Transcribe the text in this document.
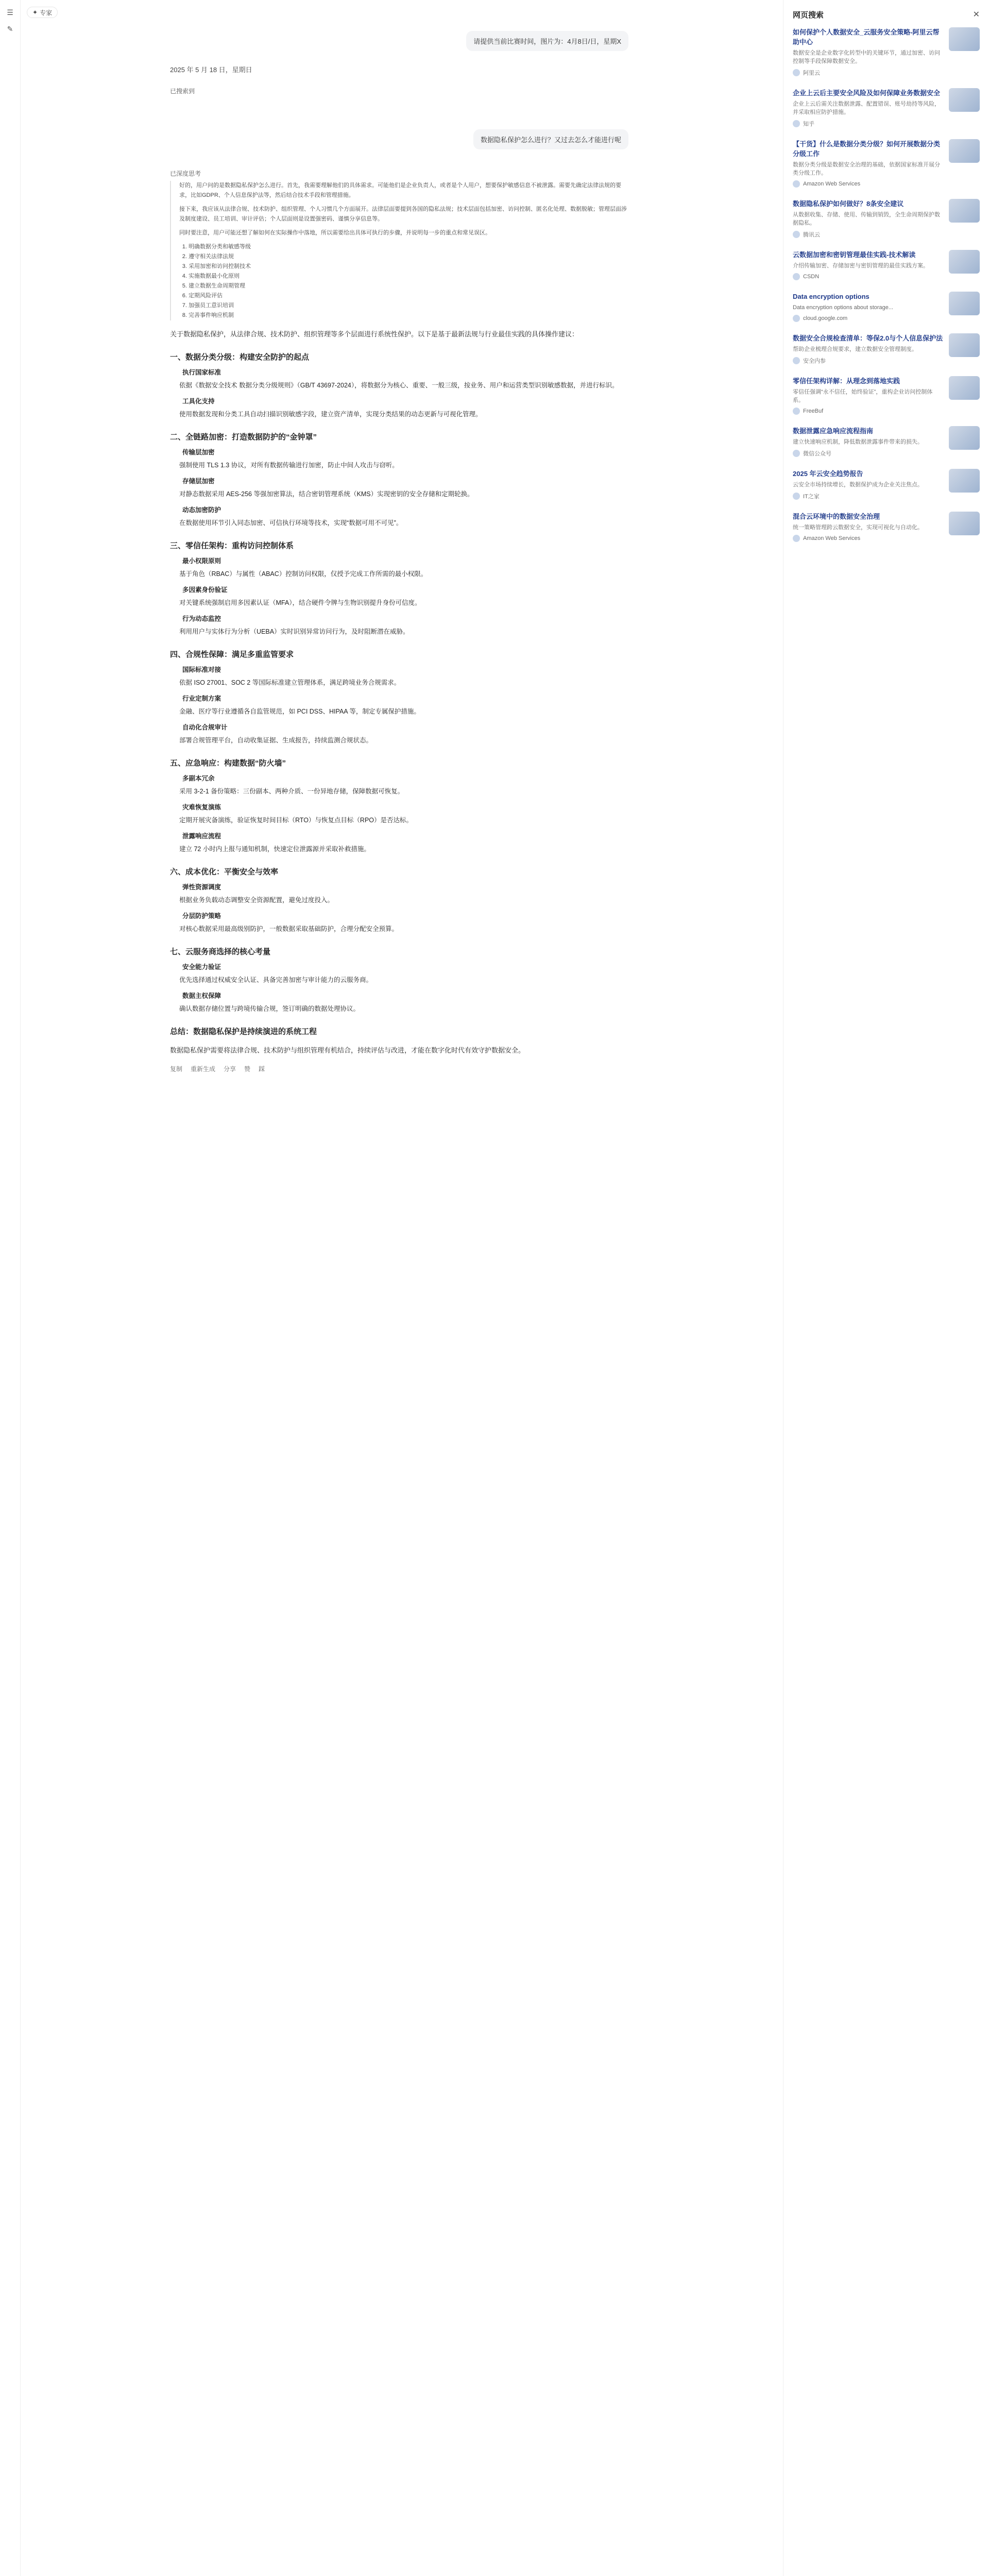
☰
✎
✦ 专家
请提供当前比赛时间，图片为：4月8日/日，星期X
2025 年 5 月 18 日，星期日
已搜索到
数据隐私保护怎么进行？又过去怎么才能进行呢
已深度思考

好的，用户问的是数据隐私保护怎么进行。首先，我需要理解他们的具体需求。可能他们是企业负责人，或者是个人用户，想要保护敏感信息不被泄露。需要先确定法律法规的要求，比如GDPR、个人信息保护法等，然后结合技术手段和管理措施。

接下来，我应该从法律合规、技术防护、组织管理、个人习惯几个方面展开。法律层面要提到各国的隐私法规；技术层面包括加密、访问控制、匿名化处理、数据脱敏；管理层面涉及制度建设、员工培训、审计评估；个人层面则是设置强密码、谨慎分享信息等。

同时要注意，用户可能还想了解如何在实际操作中落地，所以需要给出具体可执行的步骤，并说明每一步的重点和常见误区。

1. 明确数据分类和敏感等级
2. 遵守相关法律法规
3. 采用加密和访问控制技术
4. 实施数据最小化原则
5. 建立数据生命周期管理
6. 定期风险评估
7. 加强员工意识培训
8. 完善事件响应机制
关于数据隐私保护，从法律合规、技术防护、组织管理等多个层面进行系统性保护。以下是基于最新法规与行业最佳实践的具体操作建议：
一、数据分类分级：构建安全防护的起点
执行国家标准
依据《数据安全技术 数据分类分级规则》（GB/T 43697-2024），将数据分为核心、重要、一般三级，按业务、用户和运营类型识别敏感数据，并进行标识。
工具化支持
使用数据发现和分类工具自动扫描识别敏感字段，建立资产清单，实现分类结果的动态更新与可视化管理。
二、全链路加密：打造数据防护的“金钟罩”
传输层加密
强制使用 TLS 1.3 协议，对所有数据传输进行加密，防止中间人攻击与窃听。
存储层加密
对静态数据采用 AES-256 等强加密算法，结合密钥管理系统（KMS）实现密钥的安全存储和定期轮换。
动态加密防护
在数据使用环节引入同态加密、可信执行环境等技术，实现“数据可用不可见”。
三、零信任架构：重构访问控制体系
最小权限原则
基于角色（RBAC）与属性（ABAC）控制访问权限，仅授予完成工作所需的最小权限。
多因素身份验证
对关键系统强制启用多因素认证（MFA），结合硬件令牌与生物识别提升身份可信度。
行为动态监控
利用用户与实体行为分析（UEBA）实时识别异常访问行为，及时阻断潜在威胁。
四、合规性保障：满足多重监管要求
国际标准对接
依据 ISO 27001、SOC 2 等国际标准建立管理体系，满足跨境业务合规需求。
行业定制方案
金融、医疗等行业遵循各自监管规范，如 PCI DSS、HIPAA 等，制定专属保护措施。
自动化合规审计
部署合规管理平台，自动收集证据、生成报告，持续监测合规状态。
五、应急响应：构建数据“防火墙”
多副本冗余
采用 3-2-1 备份策略：三份副本、两种介质、一份异地存储，保障数据可恢复。
灾难恢复演练
定期开展灾备演练，验证恢复时间目标（RTO）与恢复点目标（RPO）是否达标。
泄露响应流程
建立 72 小时内上报与通知机制，快速定位泄露源并采取补救措施。
六、成本优化：平衡安全与效率
弹性资源调度
根据业务负载动态调整安全资源配置，避免过度投入。
分层防护策略
对核心数据采用最高级别防护，一般数据采取基础防护，合理分配安全预算。
七、云服务商选择的核心考量
安全能力验证
优先选择通过权威安全认证、具备完善加密与审计能力的云服务商。
数据主权保障
确认数据存储位置与跨境传输合规，签订明确的数据处理协议。
总结：数据隐私保护是持续演进的系统工程
数据隐私保护需要将法律合规、技术防护与组织管理有机结合，持续评估与改进，才能在数字化时代有效守护数据安全。
复制 重新生成 分享 赞 踩
网页搜索	✕
如何保护个人数据安全_云服务安全策略-阿里云帮助中心
数据安全是企业数字化转型中的关键环节，通过加密、访问控制等手段保障数据安全。
阿里云
企业上云后主要安全风险及如何保障业务数据安全
企业上云后需关注数据泄露、配置错误、账号劫持等风险，并采取相应防护措施。
知乎
【干货】什么是数据分类分级？如何开展数据分类分级工作
数据分类分级是数据安全治理的基础，依据国家标准开展分类分级工作。
Amazon Web Services
数据隐私保护如何做好？8条安全建议
从数据收集、存储、使用、传输到销毁，全生命周期保护数据隐私。
腾讯云
云数据加密和密钥管理最佳实践-技术解读
介绍传输加密、存储加密与密钥管理的最佳实践方案。
CSDN
Data encryption options
Data encryption options about storage...
cloud.google.com
数据安全合规检查清单：等保2.0与个人信息保护法
帮助企业梳理合规要求，建立数据安全管理制度。
安全内参
零信任架构详解：从理念到落地实践
零信任强调“永不信任，始终验证”，重构企业访问控制体系。
FreeBuf
数据泄露应急响应流程指南
建立快速响应机制，降低数据泄露事件带来的损失。
微信公众号
2025 年云安全趋势报告
云安全市场持续增长，数据保护成为企业关注焦点。
IT之家
混合云环境中的数据安全治理
统一策略管理跨云数据安全，实现可视化与自动化。
Amazon Web Services
